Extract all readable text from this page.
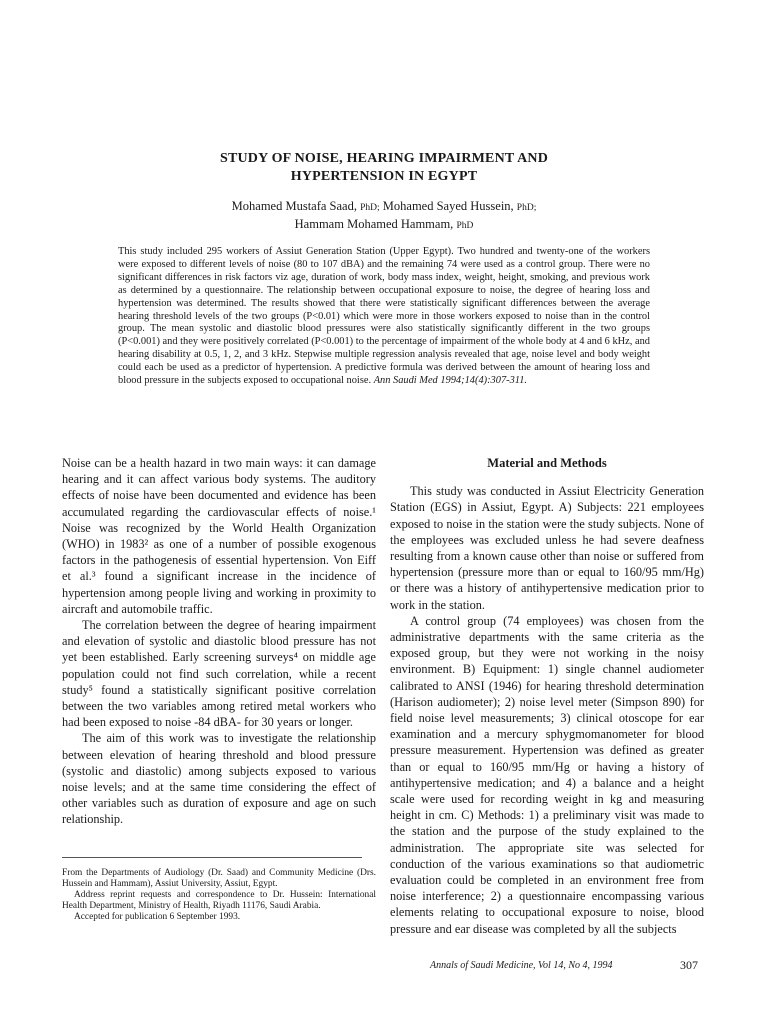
STUDY OF NOISE, HEARING IMPAIRMENT AND
HYPERTENSION IN EGYPT
Mohamed Mustafa Saad, PhD; Mohamed Sayed Hussein, PhD;
Hammam Mohamed Hammam, PhD
This study included 295 workers of Assiut Generation Station (Upper Egypt). Two hundred and twenty-one of the workers were exposed to different levels of noise (80 to 107 dBA) and the remaining 74 were used as a control group. There were no significant differences in risk factors viz age, duration of work, body mass index, weight, height, smoking, and previous work as determined by a questionnaire. The relationship between occupational exposure to noise, the degree of hearing loss and hypertension was determined. The results showed that there were statistically significant differences between the average hearing threshold levels of the two groups (P<0.01) which were more in those workers exposed to noise than in the control group. The mean systolic and diastolic blood pressures were also statistically significantly different in the two groups (P<0.001) and they were positively correlated (P<0.001) to the percentage of impairment of the whole body at 4 and 6 kHz, and hearing disability at 0.5, 1, 2, and 3 kHz. Stepwise multiple regression analysis revealed that age, noise level and body weight could each be used as a predictor of hypertension. A predictive formula was derived between the amount of hearing loss and blood pressure in the subjects exposed to occupational noise. Ann Saudi Med 1994;14(4):307-311.

Noise can be a health hazard in two main ways: it can damage hearing and it can affect various body systems. The auditory effects of noise have been documented and evidence has been accumulated regarding the cardiovascular effects of noise.¹ Noise was recognized by the World Health Organization (WHO) in 1983² as one of a number of possible exogenous factors in the pathogenesis of essential hypertension. Von Eiff et al.³ found a significant increase in the incidence of hypertension among people living and working in proximity to aircraft and automobile traffic.

The correlation between the degree of hearing impairment and elevation of systolic and diastolic blood pressure has not yet been established. Early screening surveys⁴ on middle age population could not find such correlation, while a recent study⁵ found a statistically significant positive correlation between the two variables among retired metal workers who had been exposed to noise -84 dBA- for 30 years or longer.

The aim of this work was to investigate the relationship between elevation of hearing threshold and blood pressure (systolic and diastolic) among subjects exposed to various noise levels; and at the same time considering the effect of other variables such as duration of exposure and age on such relationship.

From the Departments of Audiology (Dr. Saad) and Community Medicine (Drs. Hussein and Hammam), Assiut University, Assiut, Egypt.

Address reprint requests and correspondence to Dr. Hussein: International Health Department, Ministry of Health, Riyadh 11176, Saudi Arabia.

Accepted for publication 6 September 1993.

Material and Methods

This study was conducted in Assiut Electricity Generation Station (EGS) in Assiut, Egypt. A) Subjects: 221 employees exposed to noise in the station were the study subjects. None of the employees was excluded unless he had severe deafness resulting from a known cause other than noise or suffered from hypertension (pressure more than or equal to 160/95 mm/Hg) or there was a history of antihypertensive medication prior to work in the station.

A control group (74 employees) was chosen from the administrative departments with the same criteria as the exposed group, but they were not working in the noisy environment. B) Equipment: 1) single channel audiometer calibrated to ANSI (1946) for hearing threshold determination (Harison audiometer); 2) noise level meter (Simpson 890) for field noise level measurements; 3) clinical otoscope for ear examination and a mercury sphygmomanometer for blood pressure measurement. Hypertension was defined as greater than or equal to 160/95 mm/Hg or having a history of antihypertensive medication; and 4) a balance and a height scale were used for recording weight in kg and measuring height in cm. C) Methods: 1) a preliminary visit was made to the station and the purpose of the study explained to the administration. The appropriate site was selected for conduction of the various examinations so that audiometric evaluation could be completed in an environment free from noise interference; 2) a questionnaire encompassing various elements relating to occupational exposure to noise, blood pressure and ear disease was completed by all the subjects

Annals of Saudi Medicine, Vol 14, No 4, 1994	307
